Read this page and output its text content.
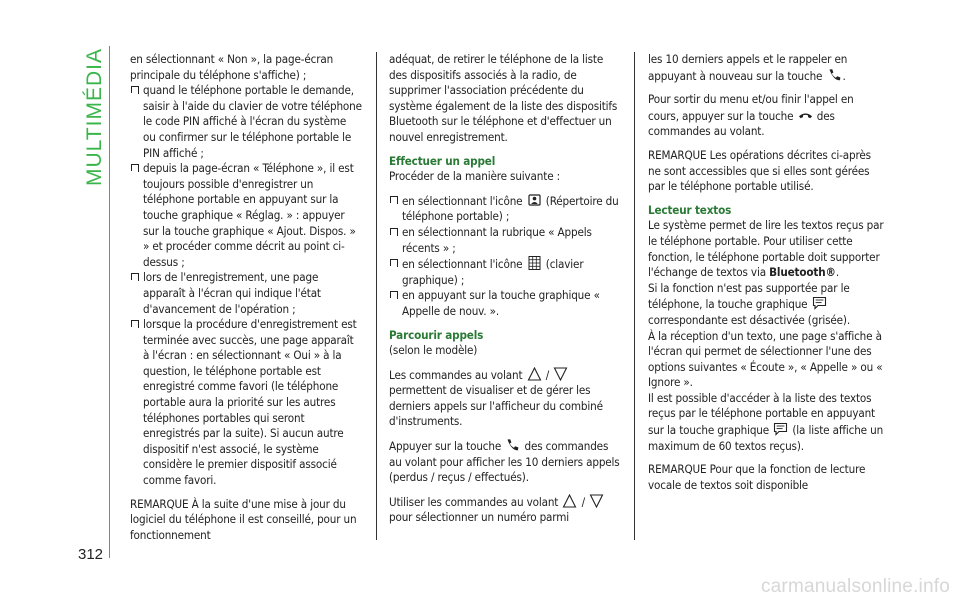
MULTIMÉDIA
312

en sélectionnant « Non », la page-écran principale du téléphone s'affiche) ;

quand le téléphone portable le demande, saisir à l'aide du clavier de votre téléphone le code PIN affiché à l'écran du système ou confirmer sur le téléphone portable le PIN affiché ;

depuis la page-écran « Téléphone », il est toujours possible d'enregistrer un téléphone portable en appuyant sur la touche graphique « Réglag. » : appuyer sur la touche graphique « Ajout. Dispos. » » et procéder comme décrit au point ci-dessus ;

lors de l'enregistrement, une page apparaît à l'écran qui indique l'état d'avancement de l'opération ;

lorsque la procédure d'enregistrement est terminée avec succès, une page apparaît à l'écran : en sélectionnant « Oui » à la question, le téléphone portable est enregistré comme favori (le téléphone portable aura la priorité sur les autres téléphones portables qui seront enregistrés par la suite). Si aucun autre dispositif n'est associé, le système considère le premier dispositif associé comme favori.

REMARQUE À la suite d'une mise à jour du logiciel du téléphone il est conseillé, pour un fonctionnement

adéquat, de retirer le téléphone de la liste des dispositifs associés à la radio, de supprimer l'association précédente du système également de la liste des dispositifs Bluetooth sur le téléphone et d'effectuer un nouvel enregistrement.

Effectuer un appel

Procéder de la manière suivante :

en sélectionnant l'icône (Répertoire du téléphone portable) ;

en sélectionnant la rubrique « Appels récents » ;

en sélectionnant l'icône (clavier graphique) ;

en appuyant sur la touche graphique « Appelle de nouv. ».

Parcourir appels

(selon le modèle)

Les commandes au volant /
permettent de visualiser et de gérer les derniers appels sur l'afficheur du combiné d'instruments.

Appuyer sur la touche des commandes au volant pour afficher les 10 derniers appels (perdus / reçus / effectués).

Utiliser les commandes au volant /
pour sélectionner un numéro parmi

les 10 derniers appels et le rappeler en appuyant à nouveau sur la touche .

Pour sortir du menu et/ou finir l'appel en cours, appuyer sur la touche des commandes au volant.

REMARQUE Les opérations décrites ci-après ne sont accessibles que si elles sont gérées par le téléphone portable utilisé.

Lecteur textos

Le système permet de lire les textos reçus par le téléphone portable. Pour utiliser cette fonction, le téléphone portable doit supporter l'échange de textos via Bluetooth®.

Si la fonction n'est pas supportée par le téléphone, la touche graphique
correspondante est désactivée (grisée).

À la réception d'un texto, une page s'affiche à l'écran qui permet de sélectionner l'une des options suivantes « Écoute », « Appelle » ou « Ignore ».

Il est possible d'accéder à la liste des textos reçus par le téléphone portable en appuyant sur la touche graphique (la liste affiche un maximum de 60 textos reçus).

REMARQUE Pour que la fonction de lecture vocale de textos soit disponible

carmanualsonline.info
